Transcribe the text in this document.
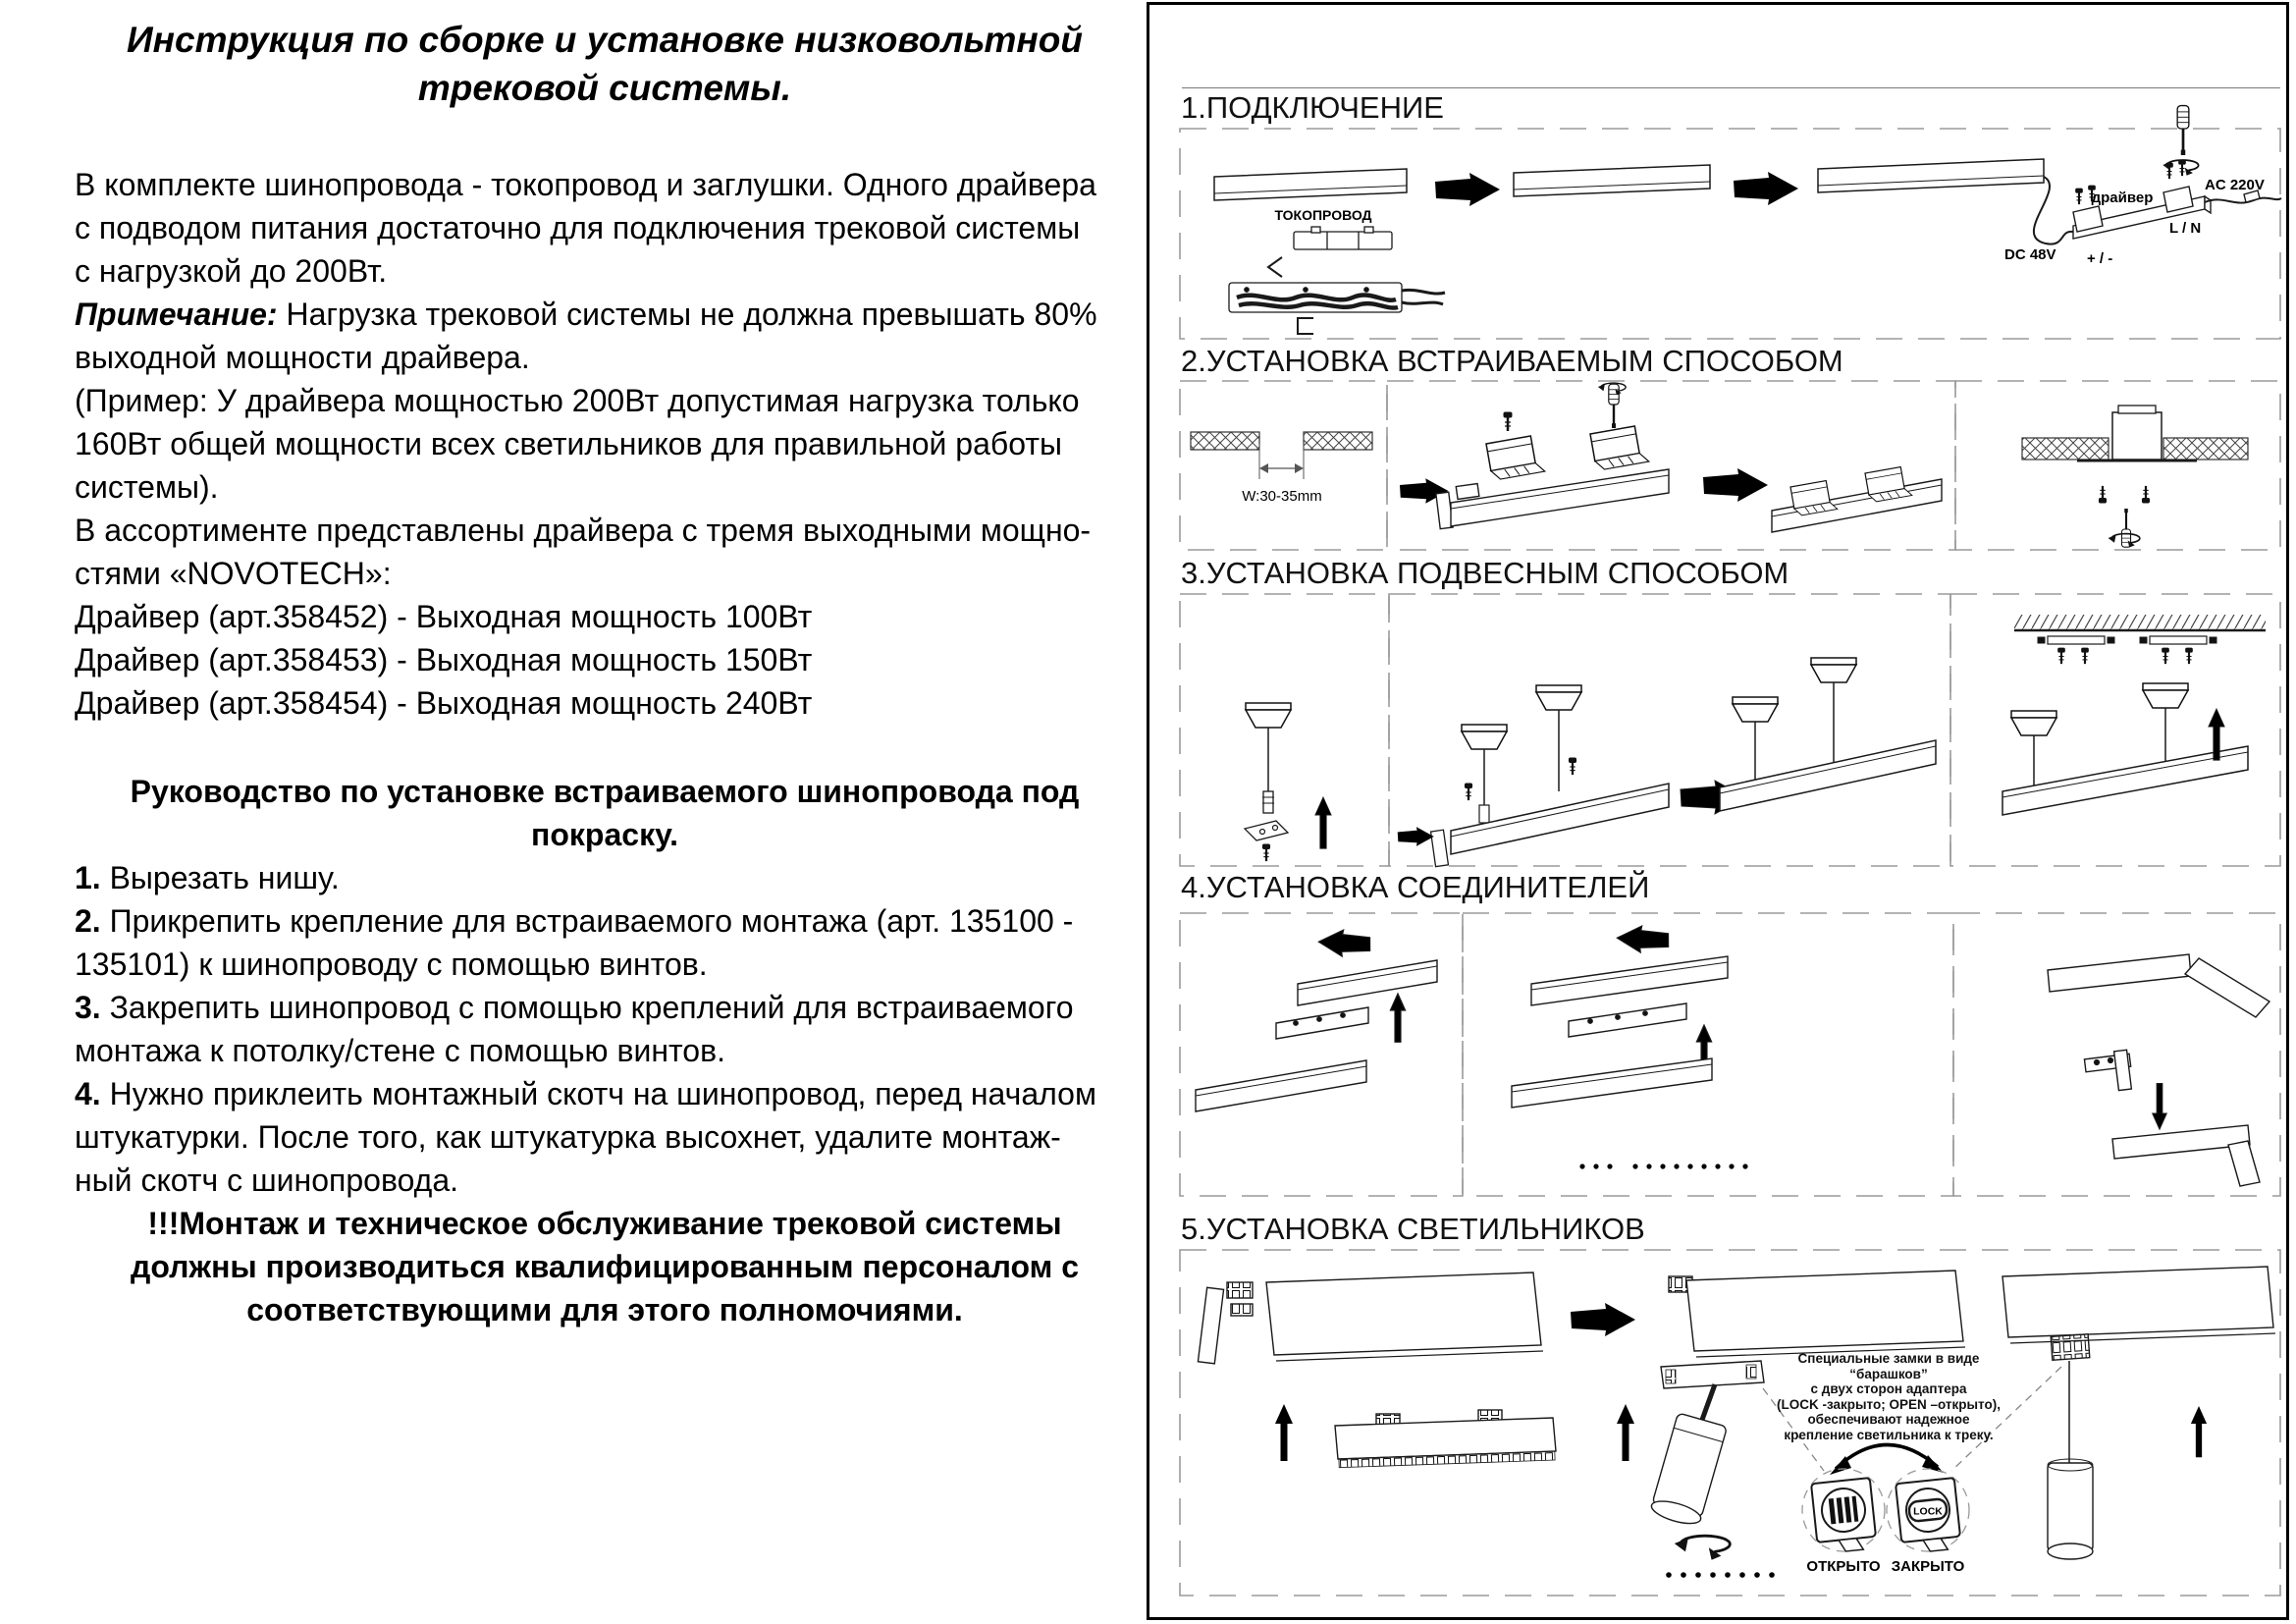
Инструкция по сборке и установке низковольтной
трековой системы.
В комплекте шинопровода - токопровод и заглушки. Одного драйвера
с подводом питания достаточно для подключения трековой системы
с нагрузкой до 200Вт.
Примечание: Нагрузка трековой системы не должна превышать 80%
выходной мощности драйвера.
(Пример: У драйвера мощностью 200Вт допустимая нагрузка только
160Вт общей мощности всех светильников для правильной работы
системы).
В ассортименте представлены драйвера с тремя выходными мощно-
стями «NOVOTECH»:
Драйвер (арт.358452) - Выходная мощность 100Вт
Драйвер (арт.358453) - Выходная мощность 150Вт
Драйвер (арт.358454) - Выходная мощность 240Вт
Руководство по установке встраиваемого шинопровода под
покраску.
1. Вырезать нишу.
2. Прикрепить крепление для встраиваемого монтажа (арт. 135100 -
135101) к шинопроводу с помощью винтов.
3. Закрепить шинопровод с помощью креплений для встраиваемого
монтажа к потолку/стене с помощью винтов.
4. Нужно приклеить монтажный скотч на шинопровод, перед началом
штукатурки. После того, как штукатурка высохнет, удалите монтаж-
ный скотч с шинопровода.
!!!Монтаж и техническое обслуживание трековой системы
должны производиться квалифицированным персоналом с
соответствующими для этого полномочиями.
1.ПОДКЛЮЧЕНИЕ
2.УСТАНОВКА ВСТРАИВАЕМЫМ СПОСОБОМ
3.УСТАНОВКА ПОДВЕСНЫМ СПОСОБОМ
4.УСТАНОВКА СОЕДИНИТЕЛЕЙ
5.УСТАНОВКА СВЕТИЛЬНИКОВ
ТОКОПРОВОД
драйвер
AC 220V
L / N
DC 48V + / -
W:30-35mm
LOCK
ОТКРЫТО ЗАКРЫТО
Специальные замки в виде “барашков”
с двух сторон адаптера
(LOCK -закрыто; OPEN –открыто),
обеспечивают надежное
крепление светильника к треку.
